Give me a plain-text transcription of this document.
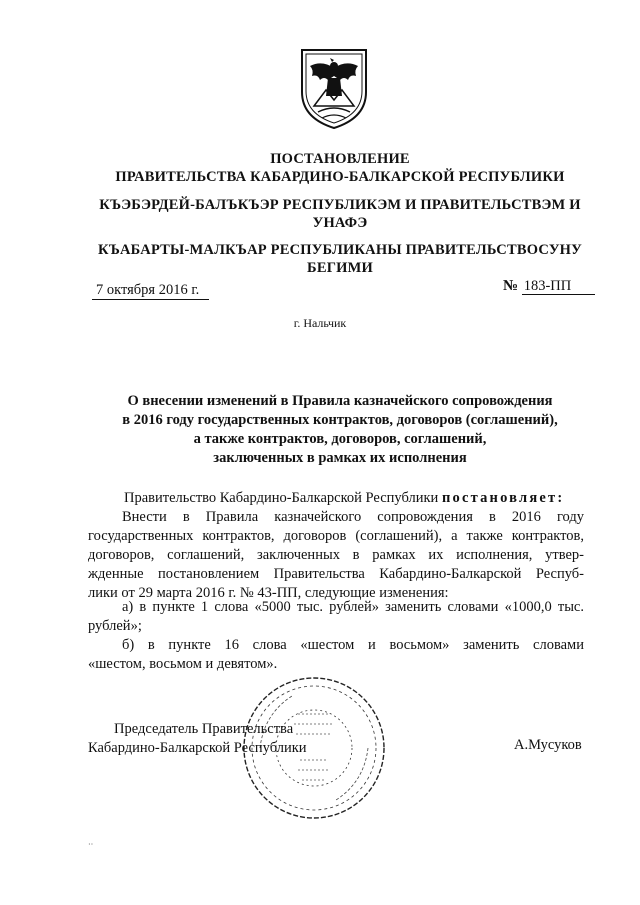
ПОСТАНОВЛЕНИЕ
ПРАВИТЕЛЬСТВА КАБАРДИНО-БАЛКАРСКОЙ РЕСПУБЛИКИ
КЪЭБЭРДЕЙ-БАЛЪКЪЭР РЕСПУБЛИКЭМ И ПРАВИТЕЛЬСТВЭМ И
УНАФЭ
КЪАБАРТЫ-МАЛКЪАР РЕСПУБЛИКАНЫ ПРАВИТЕЛЬСТВОСУНУ
БЕГИМИ
7 октября 2016 г.	№ 183-ПП
г. Нальчик
О внесении изменений в Правила казначейского сопровождения
в 2016 году государственных контрактов, договоров (соглашений),
а также контрактов, договоров, соглашений,
заключенных в рамках их исполнения
Правительство Кабардино-Балкарской Республики постановляет:
Внести в Правила казначейского сопровождения в 2016 году
государственных контрактов, договоров (соглашений), а также контрактов,
договоров, соглашений, заключенных в рамках их исполнения, утвер-
жденные постановлением Правительства Кабардино-Балкарской Респуб-
лики от 29 марта 2016 г. № 43-ПП, следующие изменения:
а) в пункте 1 слова «5000 тыс. рублей» заменить словами «1000,0 тыс.
рублей»;
б) в пункте 16 слова «шестом и восьмом» заменить словами
«шестом, восьмом и девятом».
Председатель Правительства
Кабардино-Балкарской Республики	А.Мусуков
··
